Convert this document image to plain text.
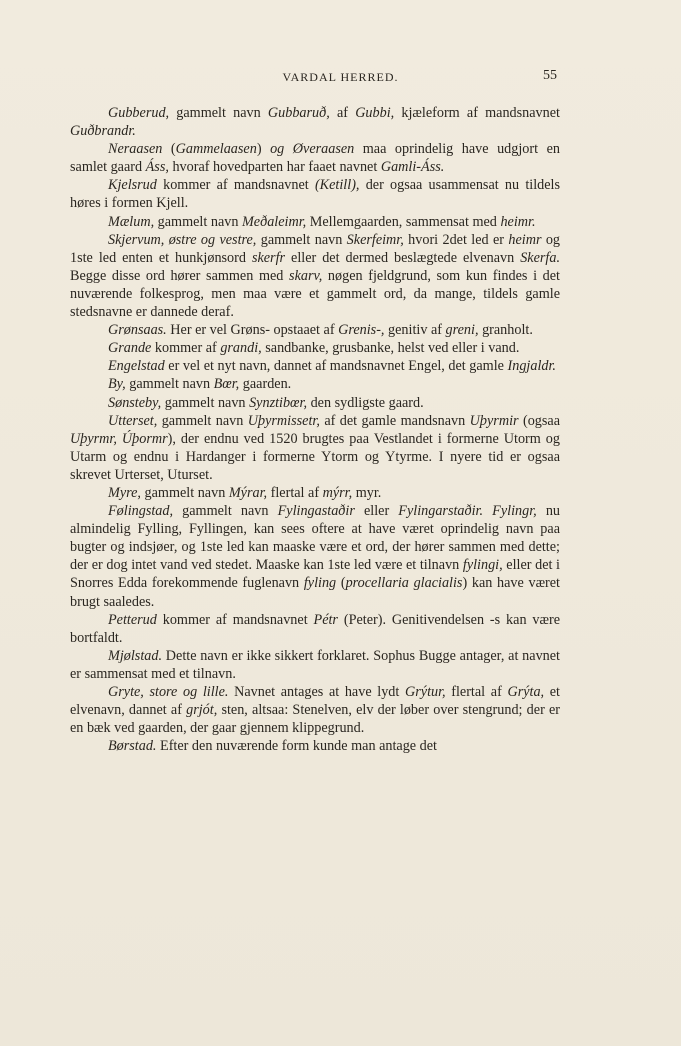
VARDAL HERRED.	55

Gubberud, gammelt navn Gubbaruð, af Gubbi, kjæleform af mandsnavnet Guðbrandr.

Neraasen (Gammelaasen) og Øveraasen maa oprindelig have udgjort en samlet gaard Áss, hvoraf hovedparten har faaet navnet Gamli-Áss.

Kjelsrud kommer af mandsnavnet (Ketill), der ogsaa usammensat nu tildels høres i formen Kjell.

Mælum, gammelt navn Meðaleimr, Mellemgaarden, sammensat med heimr.

Skjervum, østre og vestre, gammelt navn Skerfeimr, hvori 2det led er heimr og 1ste led enten et hunkjønsord skerfr eller det dermed beslægtede elvenavn Skerfa. Begge disse ord hører sammen med skarv, nøgen fjeldgrund, som kun findes i det nuværende folkesprog, men maa være et gammelt ord, da mange, tildels gamle stedsnavne er dannede deraf.

Grønsaas. Her er vel Grøns- opstaaet af Grenis-, genitiv af greni, granholt.

Grande kommer af grandi, sandbanke, grusbanke, helst ved eller i vand.

Engelstad er vel et nyt navn, dannet af mandsnavnet Engel, det gamle Ingjaldr.

By, gammelt navn Bœr, gaarden.

Sønsteby, gammelt navn Synztibœr, den sydligste gaard.

Utterset, gammelt navn Uþyrmissetr, af det gamle mandsnavn Uþyrmir (ogsaa Uþyrmr, Úþormr), der endnu ved 1520 brugtes paa Vestlandet i formerne Utorm og Utarm og endnu i Hardanger i formerne Ytorm og Ytyrme. I nyere tid er ogsaa skrevet Urterset, Uturset.

Myre, gammelt navn Mýrar, flertal af mýrr, myr.

Følingstad, gammelt navn Fylingastaðir eller Fylingarstaðir. Fylingr, nu almindelig Fylling, Fyllingen, kan sees oftere at have været oprindelig navn paa bugter og indsjøer, og 1ste led kan maaske være et ord, der hører sammen med dette; der er dog intet vand ved stedet. Maaske kan 1ste led være et tilnavn fylingi, eller det i Snorres Edda forekommende fuglenavn fyling (procellaria glacialis) kan have været brugt saaledes.

Petterud kommer af mandsnavnet Pétr (Peter). Genitivendelsen -s kan være bortfaldt.

Mjølstad. Dette navn er ikke sikkert forklaret. Sophus Bugge antager, at navnet er sammensat med et tilnavn.

Gryte, store og lille. Navnet antages at have lydt Grýtur, flertal af Grýta, et elvenavn, dannet af grjót, sten, altsaa: Stenelven, elv der løber over stengrund; der er en bæk ved gaarden, der gaar gjennem klippegrund.

Børstad. Efter den nuværende form kunde man antage det
